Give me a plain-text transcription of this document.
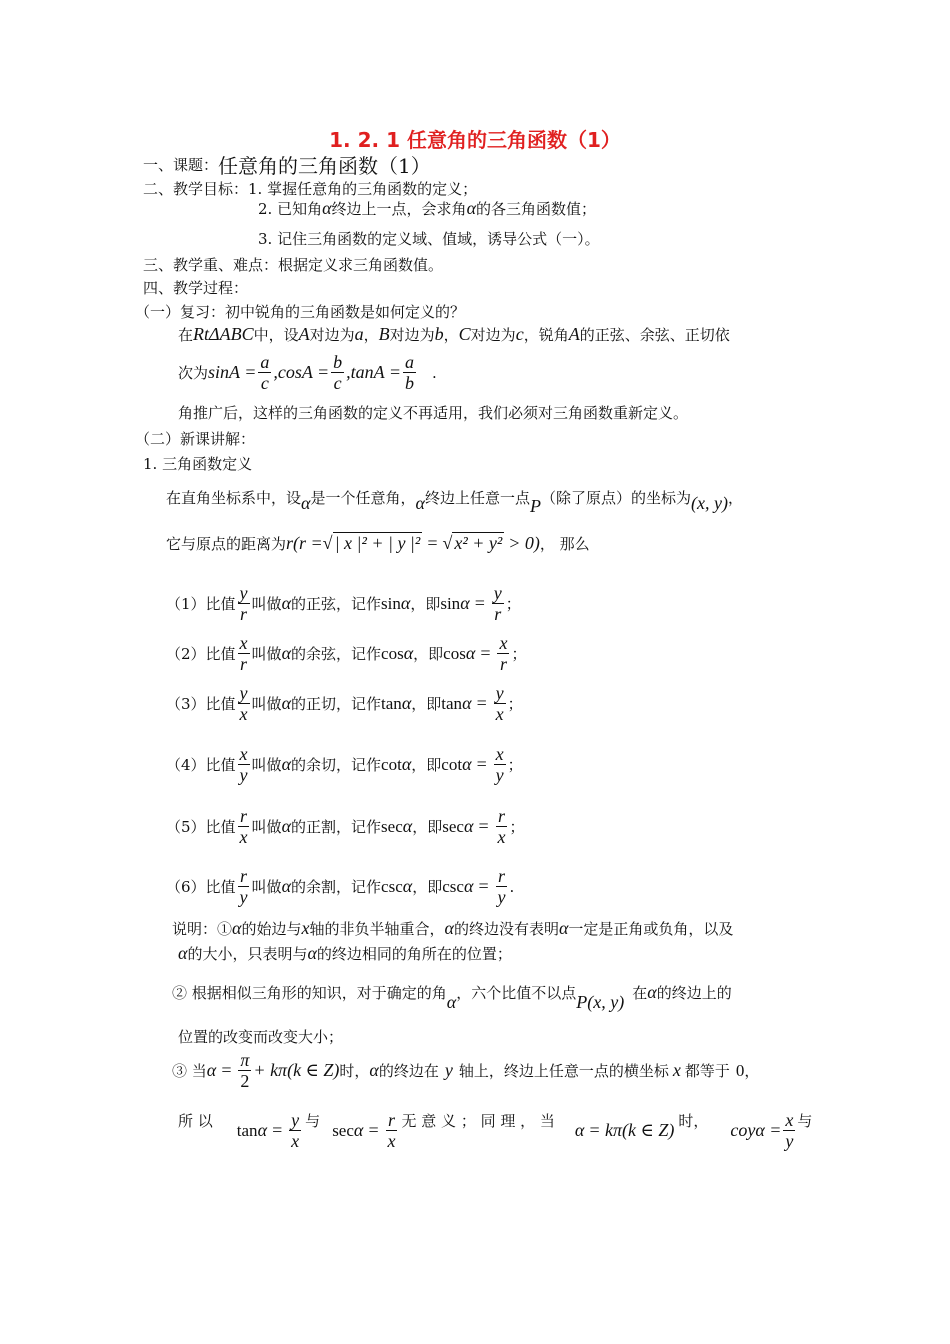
1. 2. 1 任意角的三角函数（1）
一、课题： 任意角的三角函数（1）
二、教学目标：1. 掌握任意角的三角函数的定义；
2. 已知角 α 终边上一点，会求角 α 的各三角函数值；
3. 记住三角函数的定义域、值域，诱导公式（一）。
三、教学重、难点：根据定义求三角函数值。
四、教学过程：
（一）复习：初中锐角的三角函数是如何定义的？
在 RtΔABC 中，设 A 对边为 a ， B 对边为 b ， C 对边为 c ，锐角 A 的正弦、余弦、正切依
次为 $\sin A = \frac{a}{c} ,\cos A = \frac{b}{c} ,\tan A = \frac{a}{b}$ .
角推广后，这样的三角函数的定义不再适用，我们必须对三角函数重新定义。
（二）新课讲解：
1. 三角函数定义
在直角坐标系中，设 α 是一个任意角， α 终边上任意一点 P （除了原点）的坐标为 (x, y) ，
它与原点的距离为 r(r = √ | x |² + | y |² = √ x² + y² > 0) ， 那么
（1）比值 $\frac{y}{r}$ 叫做 α 的正弦，记作 sin α ，即 $\sin \alpha = \frac{y}{r}$ ；
（2）比值 $\frac{x}{r}$ 叫做 α 的余弦，记作 cos α ，即 $\cos \alpha = \frac{x}{r}$ ；
（3）比值 $\frac{y}{x}$ 叫做 α 的正切，记作 tan α ，即 $\tan \alpha = \frac{y}{x}$ ；
（4）比值 $\frac{x}{y}$ 叫做 α 的余切，记作 cot α ，即 $\cot \alpha = \frac{x}{y}$ ；
（5）比值 $\frac{r}{x}$ 叫做 α 的正割，记作 sec α ，即 $\sec \alpha = \frac{r}{x}$ ；
（6）比值 $\frac{r}{y}$ 叫做 α 的余割，记作 csc α ，即 $\csc \alpha = \frac{r}{y}$ .
说明：① α 的始边与 x 轴的非负半轴重合， α 的终边没有表明 α 一定是正角或负角，以及
α 的大小，只表明与 α 的终边相同的角所在的位置；
② 根据相似三角形的知识，对于确定的角 α ，六个比值不以点 P(x, y) 在 α 的终边上的
位置的改变而改变大小；
③ 当 $\alpha = \frac{\pi}{2} + k\pi(k$ ∈ Z) 时， α 的终边在 y 轴上，终边上任意一点的横坐标 x 都等于 0 ，
所 以 $\tan \alpha = \frac{y}{x}$ 与 $\sec \alpha = \frac{r}{x}$ 无 意 义 ； 同 理 ， 当 α = kπ(k ∈ Z) 时， $coy\alpha = \frac{x}{y}$ 与
